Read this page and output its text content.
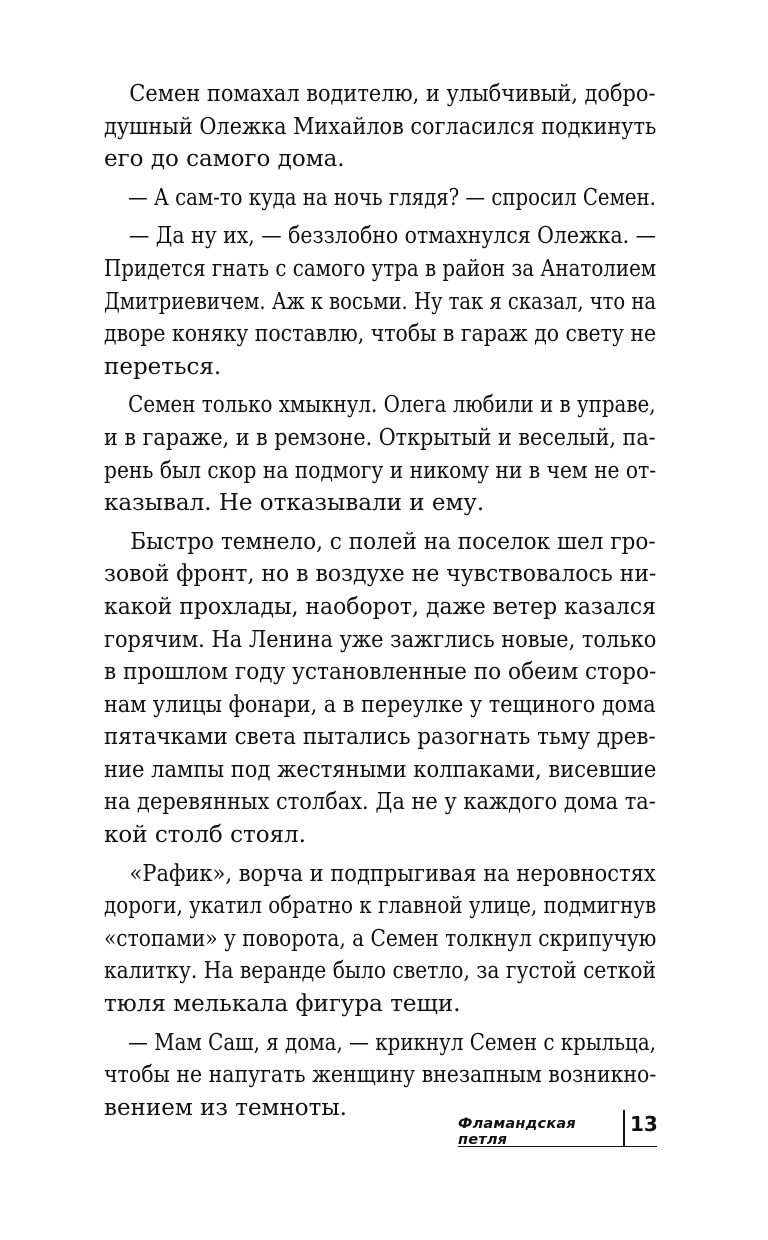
Семен помахал водителю, и улыбчивый, добро-
душный Олежка Михайлов согласился подкинуть
его до самого дома.
— А сам-то куда на ночь глядя? — спросил Семен.
— Да ну их, — беззлобно отмахнулся Олежка. —
Придется гнать с самого утра в район за Анатолием
Дмитриевичем. Аж к восьми. Ну так я сказал, что на
дворе коняку поставлю, чтобы в гараж до свету не
переться.
Семен только хмыкнул. Олега любили и в управе,
и в гараже, и в ремзоне. Открытый и веселый, па-
рень был скор на подмогу и никому ни в чем не от-
казывал. Не отказывали и ему.
Быстро темнело, с полей на поселок шел гро-
зовой фронт, но в воздухе не чувствовалось ни-
какой прохлады, наоборот, даже ветер казался
горячим. На Ленина уже зажглись новые, только
в прошлом году установленные по обеим сторо-
нам улицы фонари, а в переулке у тещиного дома
пятачками света пытались разогнать тьму древ-
ние лампы под жестяными колпаками, висевшие
на деревянных столбах. Да не у каждого дома та-
кой столб стоял.
«Рафик», ворча и подпрыгивая на неровностях
дороги, укатил обратно к главной улице, подмигнув
«стопами» у поворота, а Семен толкнул скрипучую
калитку. На веранде было светло, за густой сеткой
тюля мелькала фигура тещи.
— Мам Саш, я дома, — крикнул Семен с крыльца,
чтобы не напугать женщину внезапным возникно-
вением из темноты.
Фламандская петля
13
